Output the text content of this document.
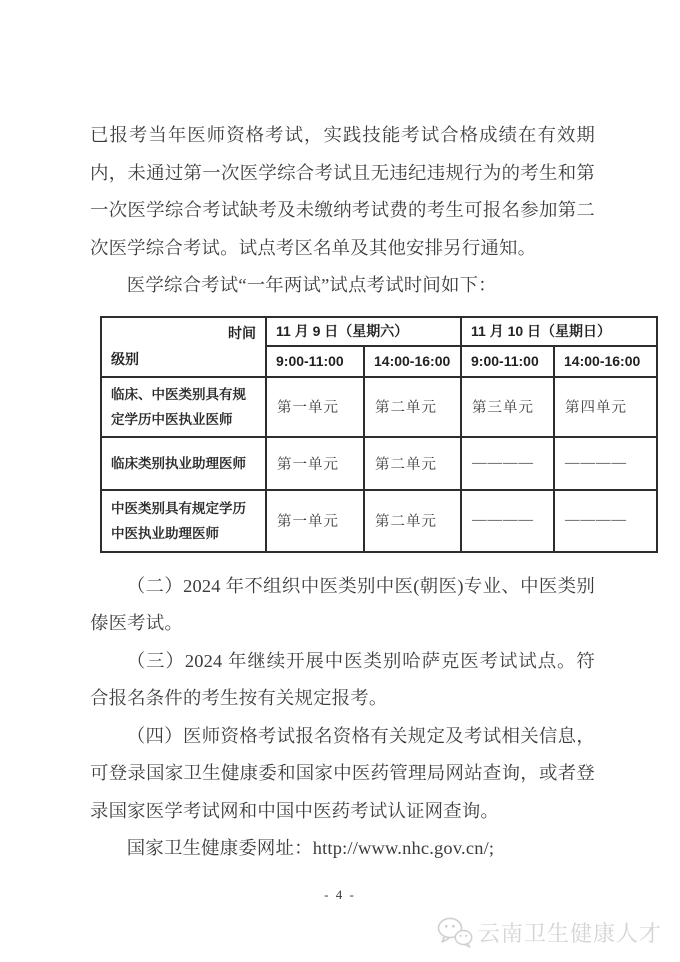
已报考当年医师资格考试，实践技能考试合格成绩在有效期内，未通过第一次医学综合考试且无违纪违规行为的考生和第一次医学综合考试缺考及未缴纳考试费的考生可报名参加第二次医学综合考试。试点考区名单及其他安排另行通知。

医学综合考试“一年两试”试点考试时间如下：

时间
级别	11 月 9 日（星期六）		11 月 10 日（星期日）	
	9:00-11:00	14:00-16:00	9:00-11:00	14:00-16:00
临床、中医类别具有规定学历中医执业医师	第一单元	第二单元	第三单元	第四单元
临床类别执业助理医师	第一单元	第二单元	————	————
中医类别具有规定学历中医执业助理医师	第一单元	第二单元	————	————

（二）2024 年不组织中医类别中医(朝医)专业、中医类别傣医考试。

（三）2024 年继续开展中医类别哈萨克医考试试点。符合报名条件的考生按有关规定报考。

（四）医师资格考试报名资格有关规定及考试相关信息，可登录国家卫生健康委和国家中医药管理局网站查询，或者登录国家医学考试网和中国中医药考试认证网查询。

国家卫生健康委网址：http://www.nhc.gov.cn/;

- 4 -
云南卫生健康人才
